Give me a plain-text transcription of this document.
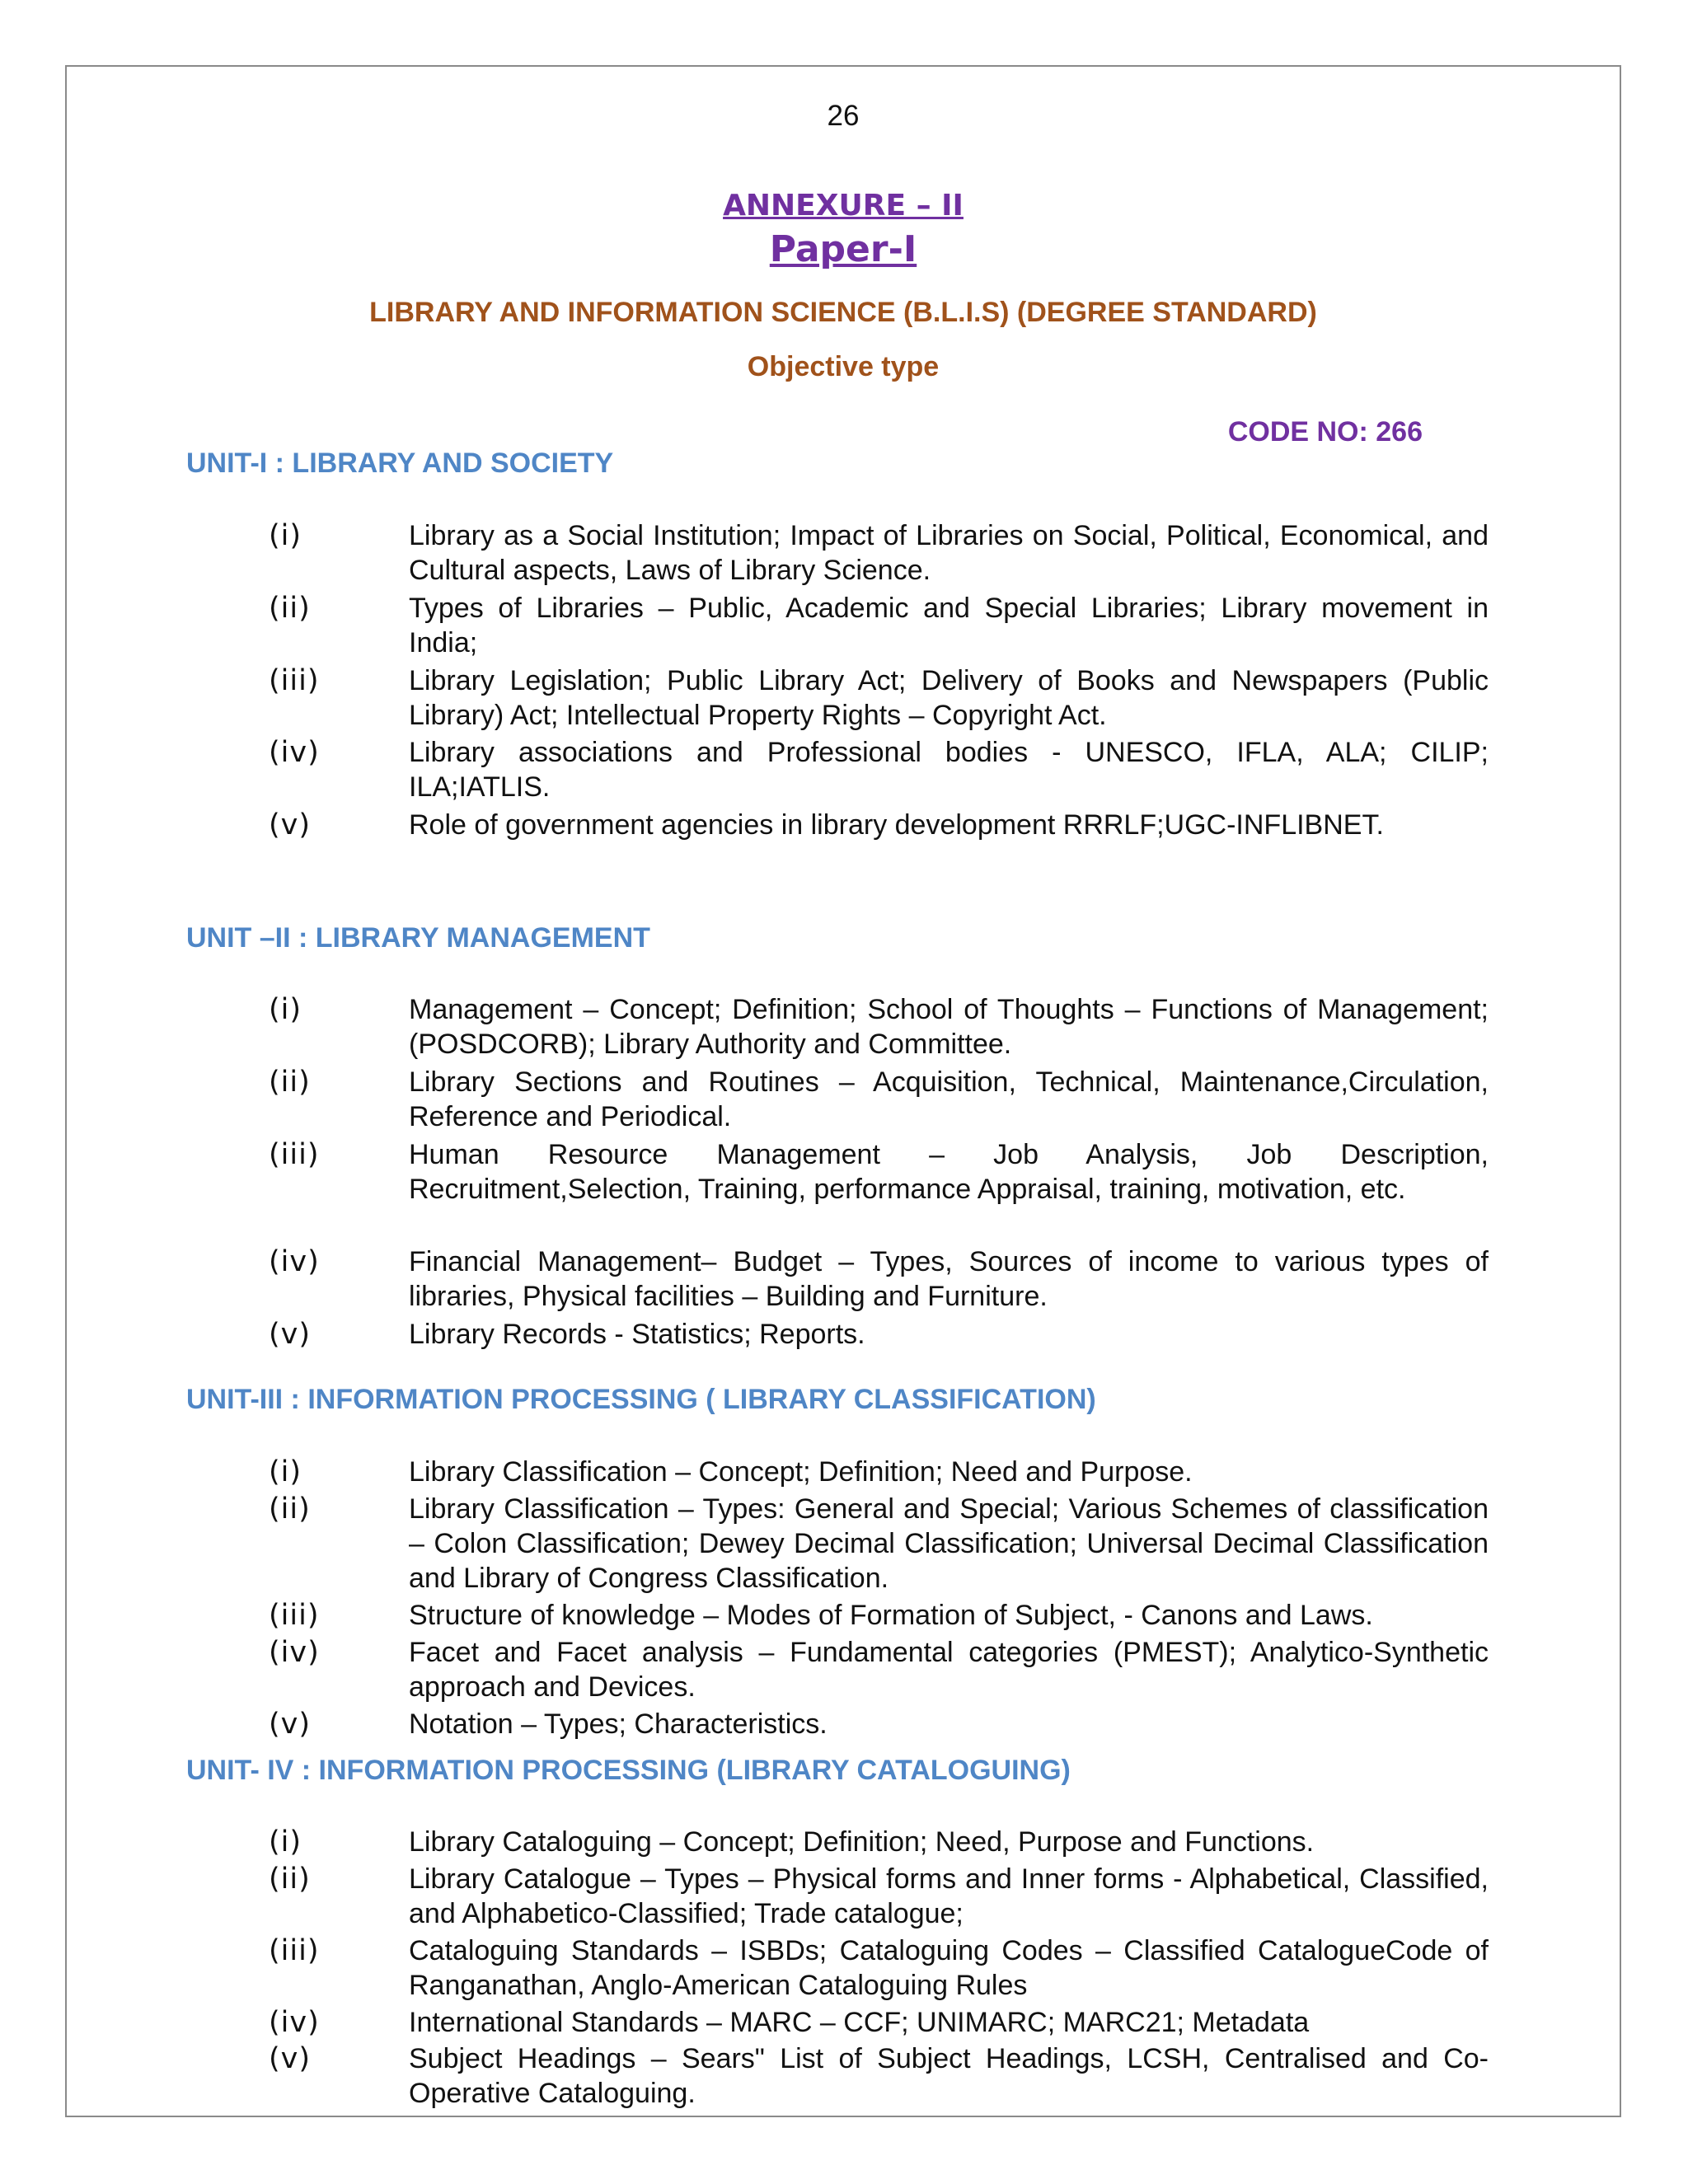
26
ANNEXURE – II
Paper-I
LIBRARY AND INFORMATION SCIENCE (B.L.I.S) (DEGREE STANDARD)
Objective type
CODE NO: 266
UNIT-I : LIBRARY AND SOCIETY
(i)	Library as a Social Institution; Impact of Libraries on Social, Political, Economical, and Cultural aspects, Laws of Library Science.
(ii)	Types of Libraries – Public, Academic and Special Libraries; Library movement in India;
(iii)	Library Legislation; Public Library Act; Delivery of Books and Newspapers (Public Library) Act; Intellectual Property Rights – Copyright Act.
(iv)	Library associations and Professional bodies - UNESCO, IFLA, ALA; CILIP; ILA;IATLIS.
(v)	Role of government agencies in library development RRRLF;UGC-INFLIBNET.
UNIT –II : LIBRARY MANAGEMENT
(i)	Management – Concept; Definition; School of Thoughts – Functions of Management; (POSDCORB); Library Authority and Committee.
(ii)	Library Sections and Routines – Acquisition, Technical, Maintenance,Circulation, Reference and Periodical.
(iii)	Human Resource Management – Job Analysis, Job Description, Recruitment,Selection, Training, performance Appraisal, training, motivation, etc.
(iv)	Financial Management– Budget – Types, Sources of income to various types of libraries, Physical facilities – Building and Furniture.
(v)	Library Records - Statistics; Reports.
UNIT-III : INFORMATION PROCESSING ( LIBRARY CLASSIFICATION)
(i)	Library Classification – Concept; Definition; Need and Purpose.
(ii)	Library Classification – Types: General and Special; Various Schemes of classification – Colon Classification; Dewey Decimal Classification; Universal Decimal Classification and Library of Congress Classification.
(iii)	Structure of knowledge – Modes of Formation of Subject, - Canons and Laws.
(iv)	Facet and Facet analysis – Fundamental categories (PMEST); Analytico-Synthetic approach and Devices.
(v)	Notation – Types; Characteristics.
UNIT- IV : INFORMATION PROCESSING (LIBRARY CATALOGUING)
(i)	Library Cataloguing – Concept; Definition; Need, Purpose and Functions.
(ii)	Library Catalogue – Types – Physical forms and Inner forms - Alphabetical, Classified, and Alphabetico-Classified; Trade catalogue;
(iii)	Cataloguing Standards – ISBDs; Cataloguing Codes – Classified CatalogueCode of Ranganathan, Anglo-American Cataloguing Rules
(iv)	International Standards – MARC – CCF; UNIMARC; MARC21; Metadata
(v)	Subject Headings – Sears" List of Subject Headings, LCSH, Centralised and Co-Operative Cataloguing.
